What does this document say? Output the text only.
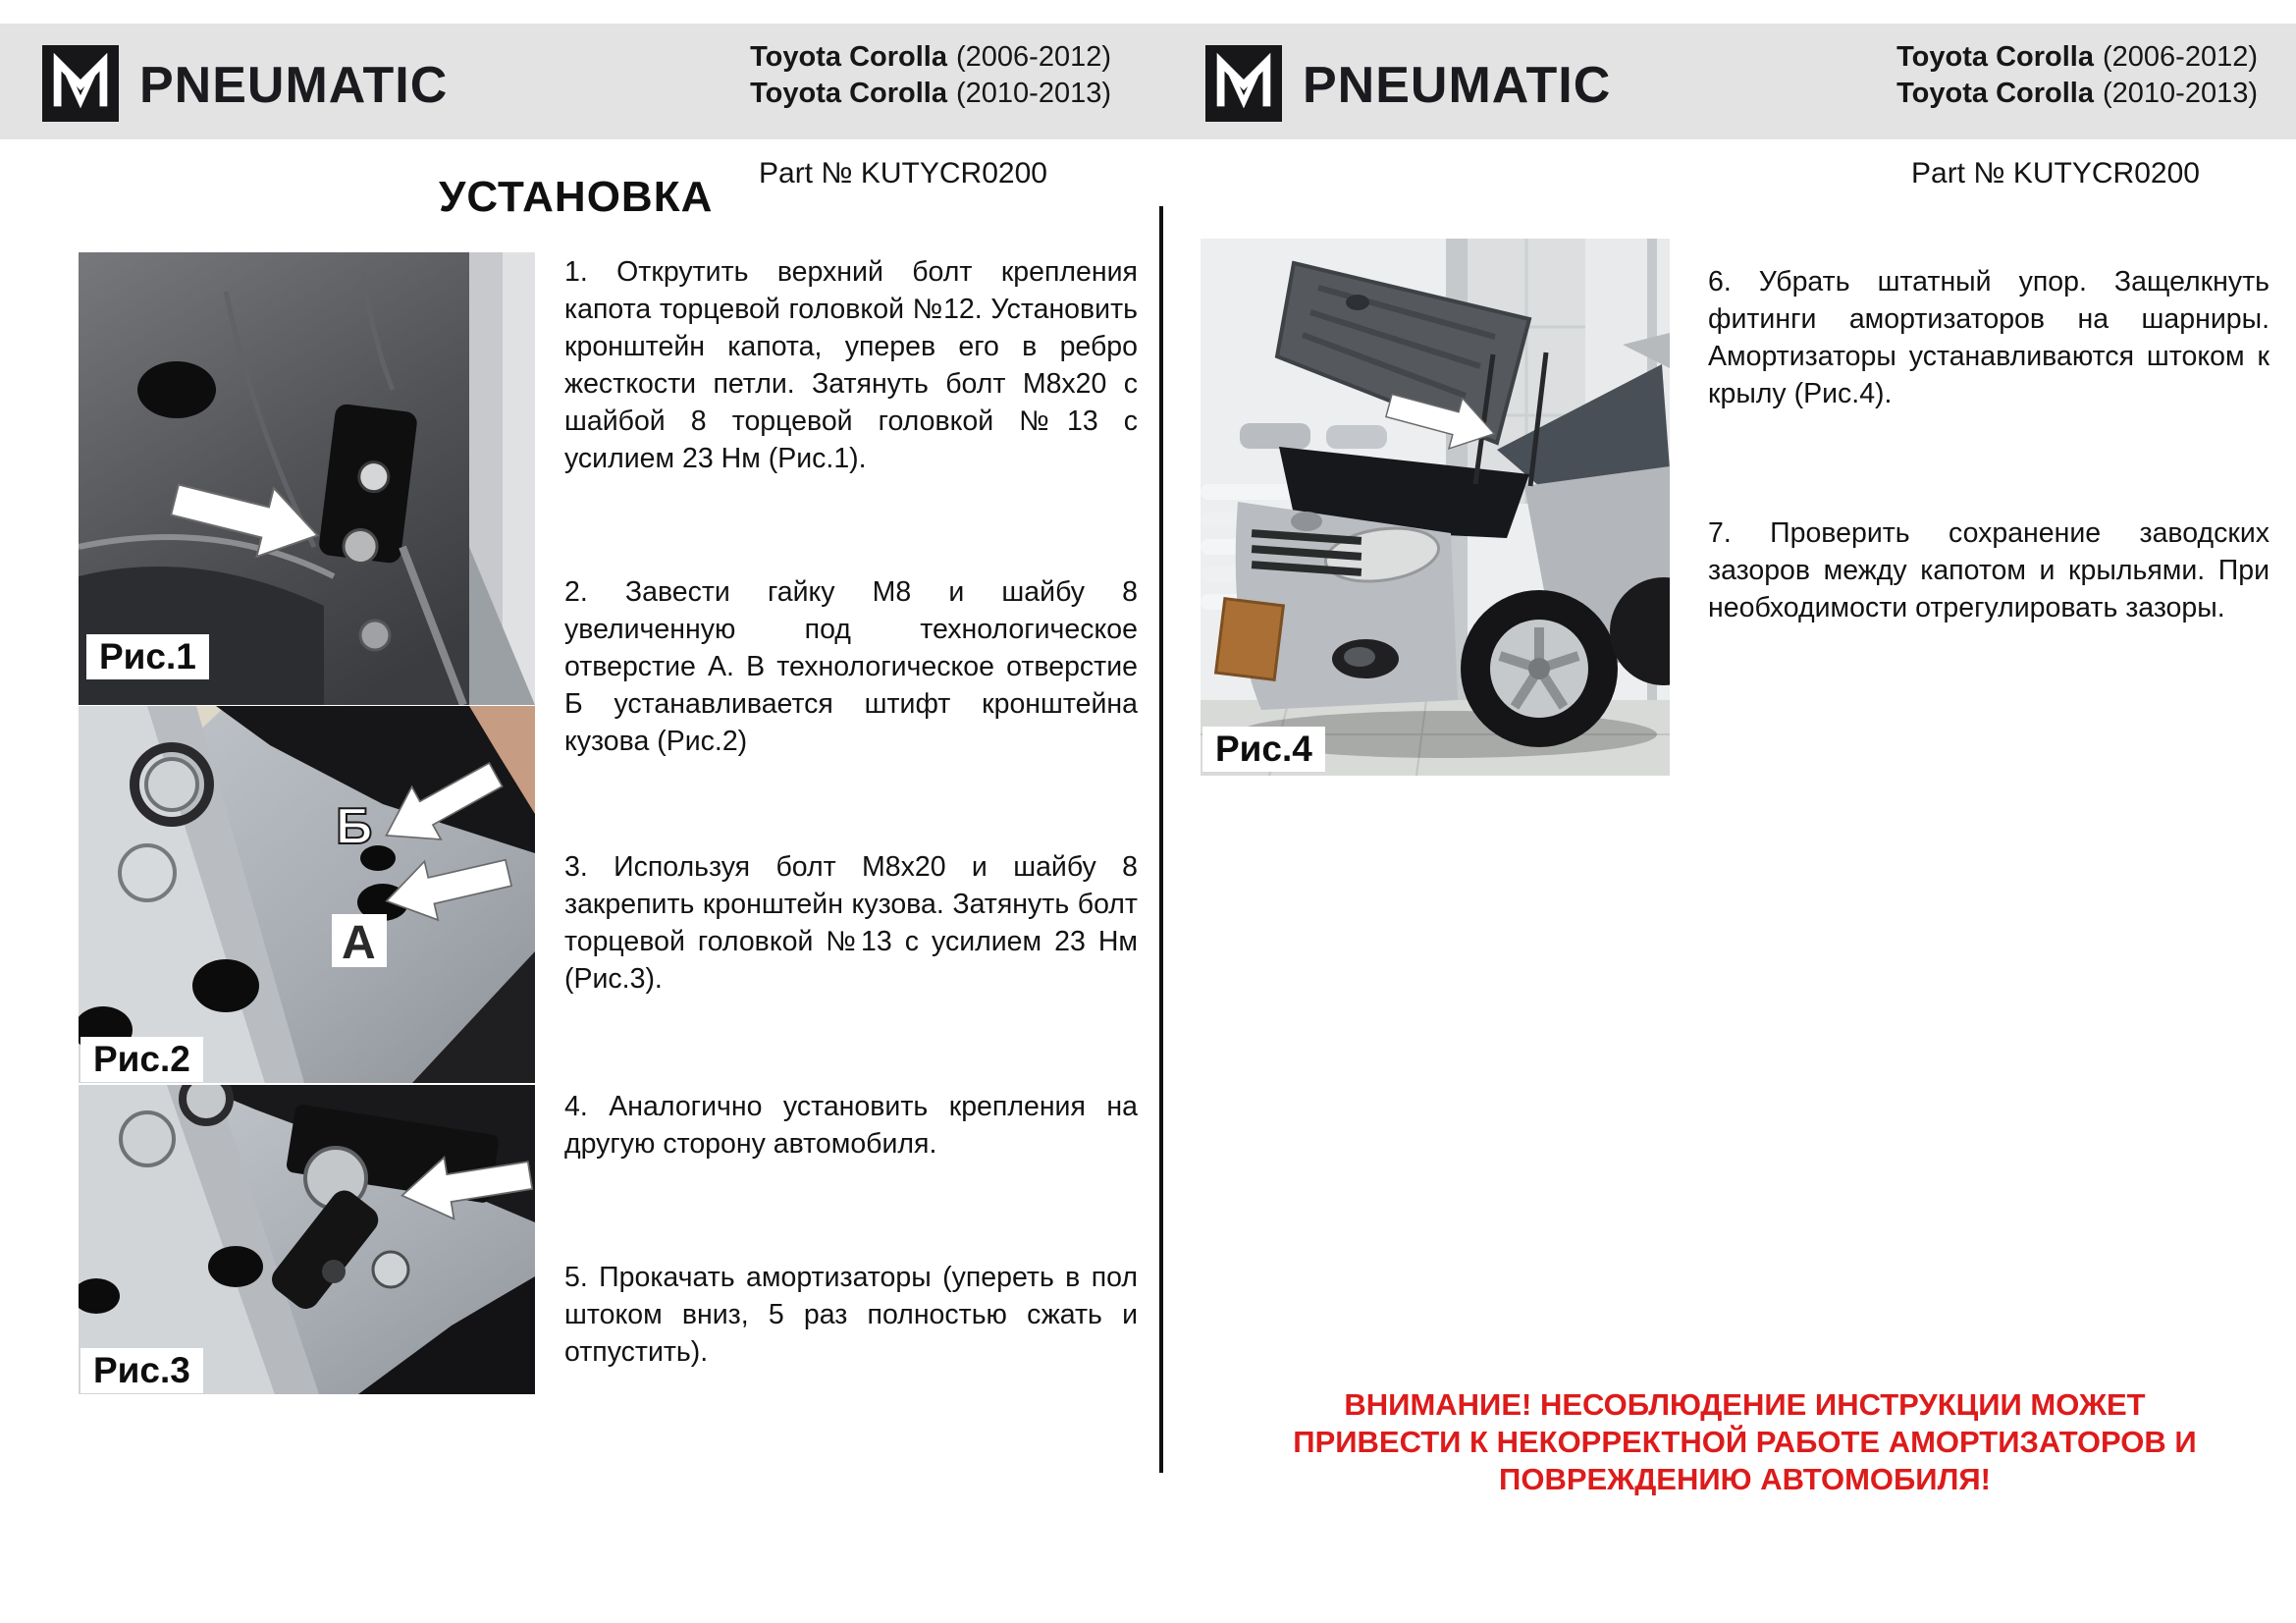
PNEUMATIC	Toyota Corolla (2006-2012)
Toyota Corolla (2010-2013)	PNEUMATIC	Toyota Corolla (2006-2012)
Toyota Corolla (2010-2013)
Part № KUTYCR0200
УСТАНОВКА	Part № KUTYCR0200
Рис.1
Б
А
Рис.2
Рис.3
Рис.4
1. Открутить верхний болт крепления капота торцевой головкой №12. Установить кронштейн капота, уперев его в ребро жесткости петли. Затянуть болт М8х20 с шайбой 8 торцевой головкой №13 с усилием 23 Нм (Рис.1).
2. Завести гайку М8 и шайбу 8 увеличенную под технологическое отверстие А. В технологическое отверстие Б устанавливается штифт кронштейна кузова (Рис.2)
3. Используя болт М8х20 и шайбу 8 закрепить кронштейн кузова. Затянуть болт торцевой головкой №13 с усилием 23 Нм (Рис.3).
4. Аналогично установить крепления на другую сторону автомобиля.
5. Прокачать амортизаторы (упереть в пол штоком вниз, 5 раз полностью сжать и отпустить).
6. Убрать штатный упор. Защелкнуть фитинги амортизаторов на шарниры. Амортизаторы устанавливаются штоком к крылу (Рис.4).
7. Проверить сохранение заводских зазоров между капотом и крыльями. При необходимости отрегулировать зазоры.
ВНИМАНИЕ! НЕСОБЛЮДЕНИЕ ИНСТРУКЦИИ МОЖЕТ ПРИВЕСТИ К НЕКОРРЕКТНОЙ РАБОТЕ АМОРТИЗАТОРОВ И ПОВРЕЖДЕНИЮ АВТОМОБИЛЯ!
